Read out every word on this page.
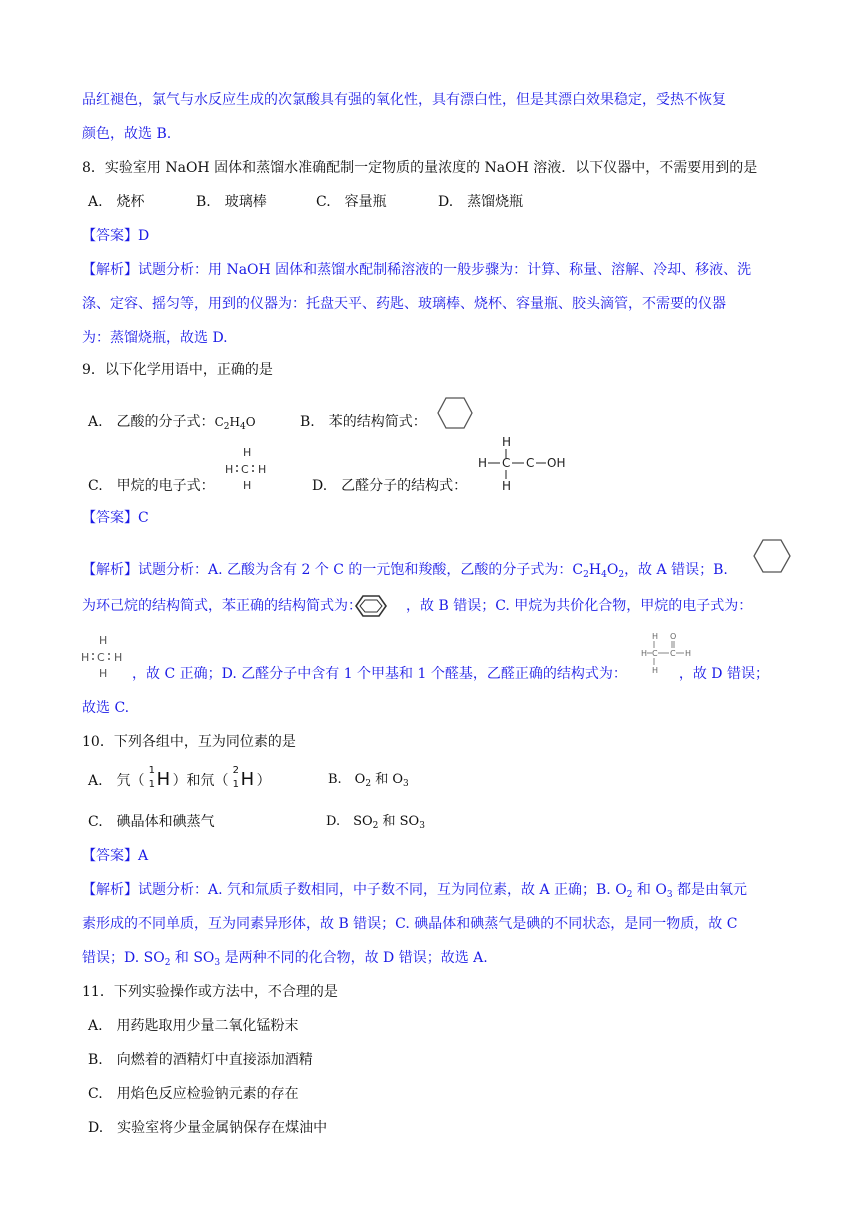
品红褪色，氯气与水反应生成的次氯酸具有强的氧化性，具有漂白性，但是其漂白效果稳定，受热不恢复
颜色，故选 B.
8．实验室用 NaOH 固体和蒸馏水准确配制一定物质的量浓度的 NaOH 溶液．以下仪器中，不需要用到的是
A.　烧杯	B.　玻璃棒	C.　容量瓶	D.　蒸馏烧瓶
【答案】D
【解析】试题分析：用 NaOH 固体和蒸馏水配制稀溶液的一般步骤为：计算、称量、溶解、冷却、移液、洗
涤、定容、摇匀等，用到的仪器为：托盘天平、药匙、玻璃棒、烧杯、容量瓶、胶头滴管，不需要的仪器
为：蒸馏烧瓶，故选 D.
9．以下化学用语中，正确的是
A.　乙酸的分子式：$C_2H_4O$	B.　苯的结构简式：
C.　甲烷的电子式：
H
H C H
H	D.　乙醛分子的结构式：
H
H C C OH
H
【答案】C
【解析】试题分析：A. 乙酸为含有 2 个 C 的一元饱和羧酸，乙酸的分子式为：$C_2H_4O_2$，故 A 错误；B.
为环己烷的结构简式，苯正确的结构简式为：	，故 B 错误；C. 甲烷为共价化合物，甲烷的电子式为：
H
H C H
H ，故 C 正确；D. 乙醛分子中含有 1 个甲基和 1 个醛基，乙醛正确的结构式为：	，故 D 错误；
H O
H C C H
H
故选 C.
10．下列各组中，互为同位素的是
A.　氕（
1
1 H ）和氘（
2
1 H ）	B.　$O_2$ 和 $O_3$
C.　碘晶体和碘蒸气	D.　$SO_2$ 和 $SO_3$
【答案】A
【解析】试题分析：A. 氕和氚质子数相同，中子数不同，互为同位素，故 A 正确；B. $O_2$ 和 $O_3$ 都是由氧元
素形成的不同单质，互为同素异形体，故 B 错误；C. 碘晶体和碘蒸气是碘的不同状态，是同一物质，故 C
错误；D. $SO_2$ 和 $SO_3$ 是两种不同的化合物，故 D 错误；故选 A.
11．下列实验操作或方法中，不合理的是
A.　用药匙取用少量二氧化锰粉末
B.　向燃着的酒精灯中直接添加酒精
C.　用焰色反应检验钠元素的存在
D.　实验室将少量金属钠保存在煤油中
